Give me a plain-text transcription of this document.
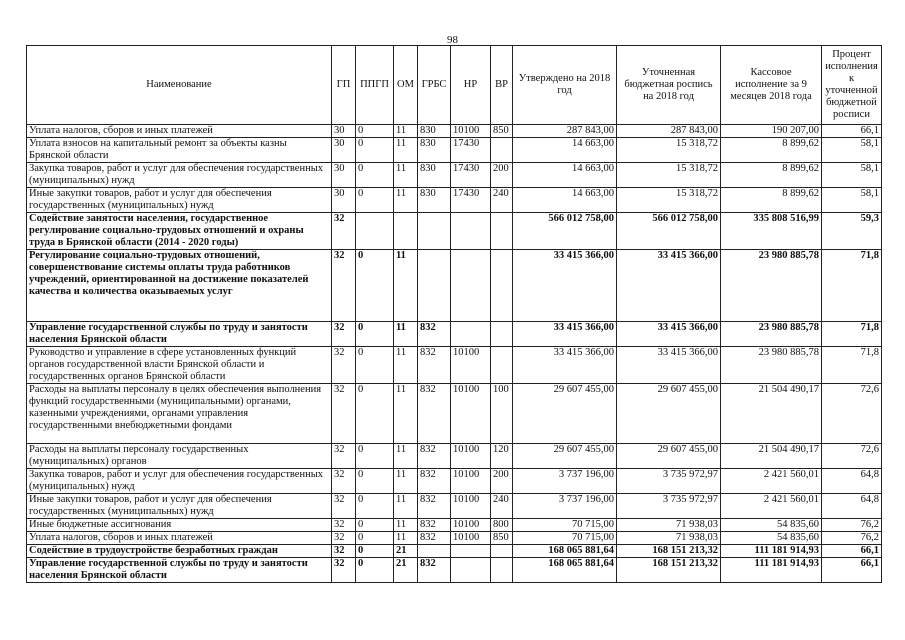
98
Наименование	ГП	ППГП	ОМ	ГРБС	НР	ВР	Утверждено на 2018 год	Уточненная бюджетная роспись на 2018 год	Кассовое исполнение за 9 месяцев 2018 года	Процент исполнения к уточненной бюджетной росписи
Уплата налогов, сборов и иных платежей	30	0	11	830	10100	850	287 843,00	287 843,00	190 207,00	66,1
Уплата взносов на капитальный ремонт за объекты казны Брянской области	30	0	11	830	17430		14 663,00	15 318,72	8 899,62	58,1
Закупка товаров, работ и услуг для обеспечения государственных (муниципальных) нужд	30	0	11	830	17430	200	14 663,00	15 318,72	8 899,62	58,1
Иные закупки товаров, работ и услуг для обеспечения государственных (муниципальных) нужд	30	0	11	830	17430	240	14 663,00	15 318,72	8 899,62	58,1
Содействие занятости населения, государственное регулирование социально-трудовых отношений и охраны труда в Брянской области (2014 - 2020 годы)	32						566 012 758,00	566 012 758,00	335 808 516,99	59,3
Регулирование социально-трудовых отношений, совершенствование системы оплаты труда работников учреждений, ориентированной на достижение показателей качества и количества оказываемых услуг	32	0	11				33 415 366,00	33 415 366,00	23 980 885,78	71,8
Управление государственной службы по труду и занятости населения Брянской области	32	0	11	832			33 415 366,00	33 415 366,00	23 980 885,78	71,8
Руководство и управление в сфере установленных функций органов государственной власти Брянской области и государственных органов Брянской области	32	0	11	832	10100		33 415 366,00	33 415 366,00	23 980 885,78	71,8
Расходы на выплаты персоналу в целях обеспечения выполнения функций государственными (муниципальными) органами, казенными учреждениями, органами управления государственными внебюджетными фондами	32	0	11	832	10100	100	29 607 455,00	29 607 455,00	21 504 490,17	72,6
Расходы на выплаты персоналу государственных (муниципальных) органов	32	0	11	832	10100	120	29 607 455,00	29 607 455,00	21 504 490,17	72,6
Закупка товаров, работ и услуг для обеспечения государственных (муниципальных) нужд	32	0	11	832	10100	200	3 737 196,00	3 735 972,97	2 421 560,01	64,8
Иные закупки товаров, работ и услуг для обеспечения государственных (муниципальных) нужд	32	0	11	832	10100	240	3 737 196,00	3 735 972,97	2 421 560,01	64,8
Иные бюджетные ассигнования	32	0	11	832	10100	800	70 715,00	71 938,03	54 835,60	76,2
Уплата налогов, сборов и иных платежей	32	0	11	832	10100	850	70 715,00	71 938,03	54 835,60	76,2
Содействие в трудоустройстве безработных граждан	32	0	21				168 065 881,64	168 151 213,32	111 181 914,93	66,1
Управление государственной службы по труду и занятости населения Брянской области	32	0	21	832			168 065 881,64	168 151 213,32	111 181 914,93	66,1
